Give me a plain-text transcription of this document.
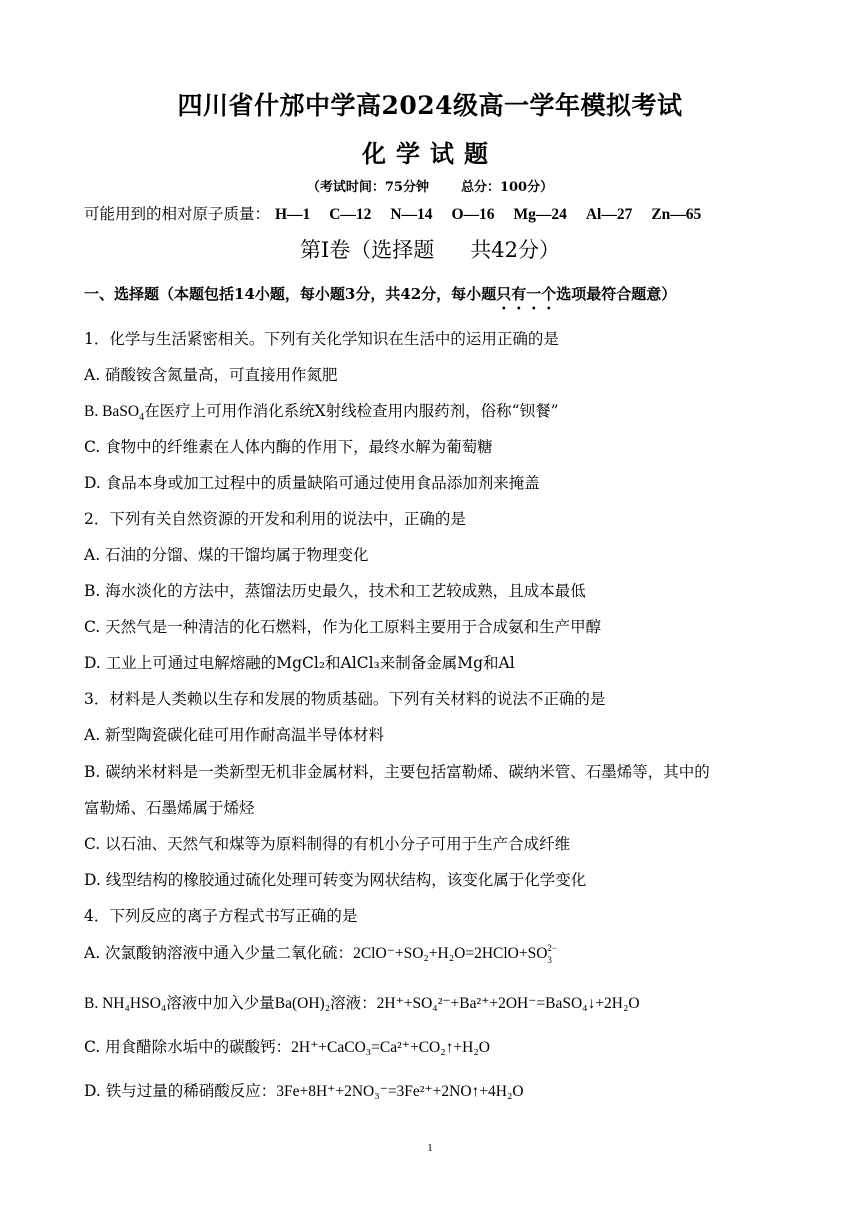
四川省什邡中学高2024级高一学年模拟考试
化学试题
（考试时间：75分钟 总分：100分）
可能用到的相对原子质量： H—1 C—12 N—14 O—16 Mg—24 Al—27 Zn—65
第I卷（选择题 共42分）
一、选择题（本题包括14小题，每小题3分，共42分，每小题只有一个选项最符合题意）
1．化学与生活紧密相关。下列有关化学知识在生活中的运用正确的是
A. 硝酸铵含氮量高，可直接用作氮肥
B. BaSO$_4$在医疗上可用作消化系统X射线检查用内服药剂，俗称“钡餐”
C. 食物中的纤维素在人体内酶的作用下，最终水解为葡萄糖
D. 食品本身或加工过程中的质量缺陷可通过使用食品添加剂来掩盖
2．下列有关自然资源的开发和利用的说法中，正确的是
A. 石油的分馏、煤的干馏均属于物理变化
B. 海水淡化的方法中，蒸馏法历史最久，技术和工艺较成熟，且成本最低
C. 天然气是一种清洁的化石燃料，作为化工原料主要用于合成氨和生产甲醇
D. 工业上可通过电解熔融的MgCl₂和AlCl₃来制备金属Mg和Al
3．材料是人类赖以生存和发展的物质基础。下列有关材料的说法不正确的是
A. 新型陶瓷碳化硅可用作耐高温半导体材料
B. 碳纳米材料是一类新型无机非金属材料，主要包括富勒烯、碳纳米管、石墨烯等，其中的
富勒烯、石墨烯属于烯烃
C. 以石油、天然气和煤等为原料制得的有机小分子可用于生产合成纤维
D. 线型结构的橡胶通过硫化处理可转变为网状结构，该变化属于化学变化
4．下列反应的离子方程式书写正确的是
A. 次氯酸钠溶液中通入少量二氧化硫：2ClO⁻+SO₂+H₂O=2HClO+SO 2−
3
B. NH₄HSO₄溶液中加入少量Ba(OH)₂溶液：2H⁺+SO₄²⁻+Ba²⁺+2OH⁻=BaSO₄↓+2H₂O
C. 用食醋除水垢中的碳酸钙：2H⁺+CaCO₃=Ca²⁺+CO₂↑+H₂O
D. 铁与过量的稀硝酸反应：3Fe+8H⁺+2NO₃⁻=3Fe²⁺+2NO↑+4H₂O
1
